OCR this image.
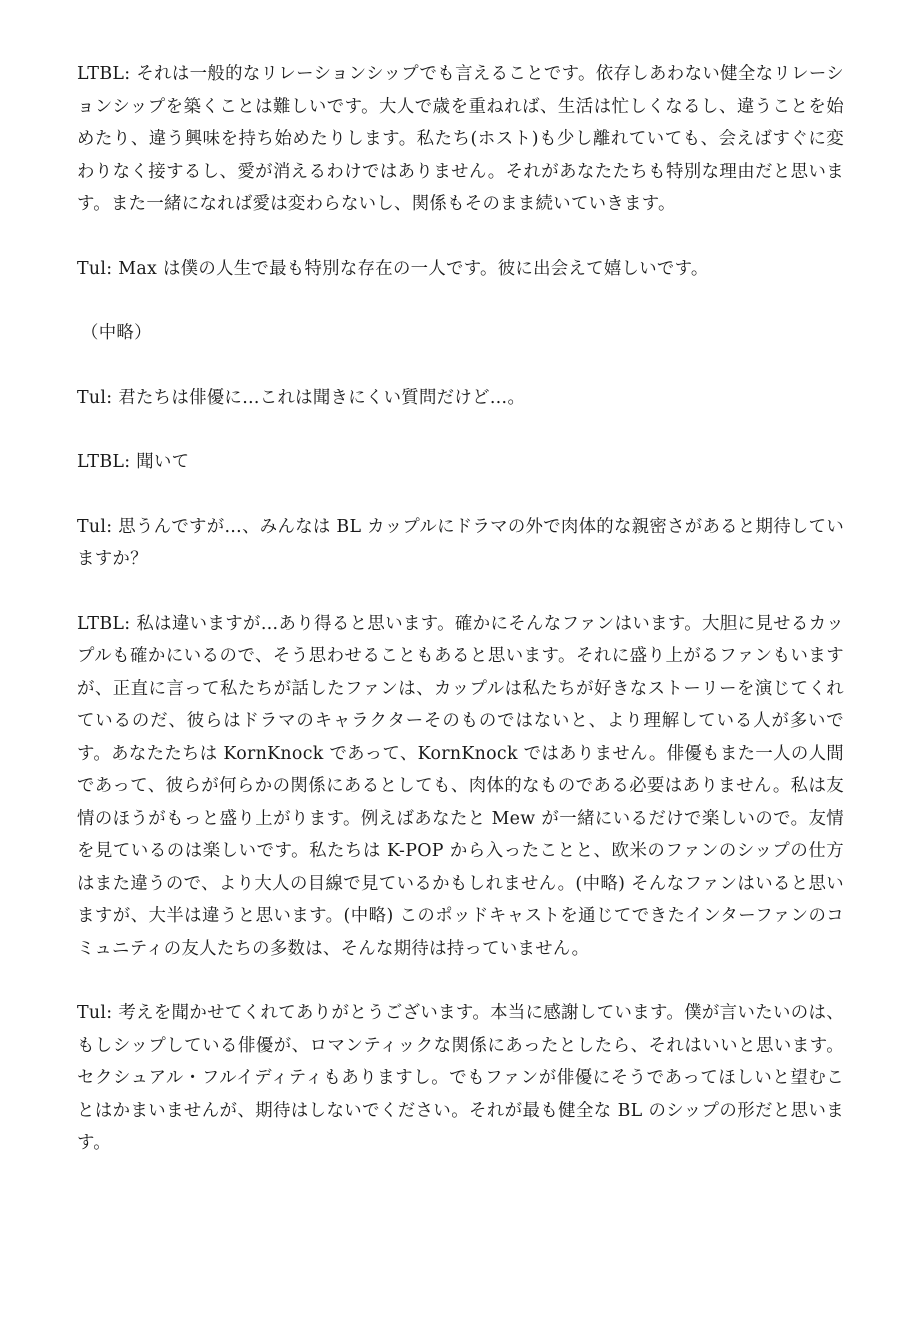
LTBL: それは一般的なリレーションシップでも言えることです。依存しあわない健全なリレーションシップを築くことは難しいです。大人で歳を重ねれば、生活は忙しくなるし、違うことを始めたり、違う興味を持ち始めたりします。私たち(ホスト)も少し離れていても、会えばすぐに変わりなく接するし、愛が消えるわけではありません。それがあなたたちも特別な理由だと思います。また一緒になれば愛は変わらないし、関係もそのまま続いていきます。

Tul: Max は僕の人生で最も特別な存在の一人です。彼に出会えて嬉しいです。

（中略）

Tul: 君たちは俳優に…これは聞きにくい質問だけど…。

LTBL: 聞いて

Tul: 思うんですが…、みんなは BL カップルにドラマの外で肉体的な親密さがあると期待していますか？

LTBL: 私は違いますが…あり得ると思います。確かにそんなファンはいます。大胆に見せるカップルも確かにいるので、そう思わせることもあると思います。それに盛り上がるファンもいますが、正直に言って私たちが話したファンは、カップルは私たちが好きなストーリーを演じてくれているのだ、彼らはドラマのキャラクターそのものではないと、より理解している人が多いです。あなたたちは KornKnock であって、KornKnock ではありません。俳優もまた一人の人間であって、彼らが何らかの関係にあるとしても、肉体的なものである必要はありません。私は友情のほうがもっと盛り上がります。例えばあなたと Mew が一緒にいるだけで楽しいので。友情を見ているのは楽しいです。私たちは K-POP から入ったことと、欧米のファンのシップの仕方はまた違うので、より大人の目線で見ているかもしれません。(中略) そんなファンはいると思いますが、大半は違うと思います。(中略) このポッドキャストを通じてできたインターファンのコミュニティの友人たちの多数は、そんな期待は持っていません。

Tul: 考えを聞かせてくれてありがとうございます。本当に感謝しています。僕が言いたいのは、もしシップしている俳優が、ロマンティックな関係にあったとしたら、それはいいと思います。セクシュアル・フルイディティもありますし。でもファンが俳優にそうであってほしいと望むことはかまいませんが、期待はしないでください。それが最も健全な BL のシップの形だと思います。
